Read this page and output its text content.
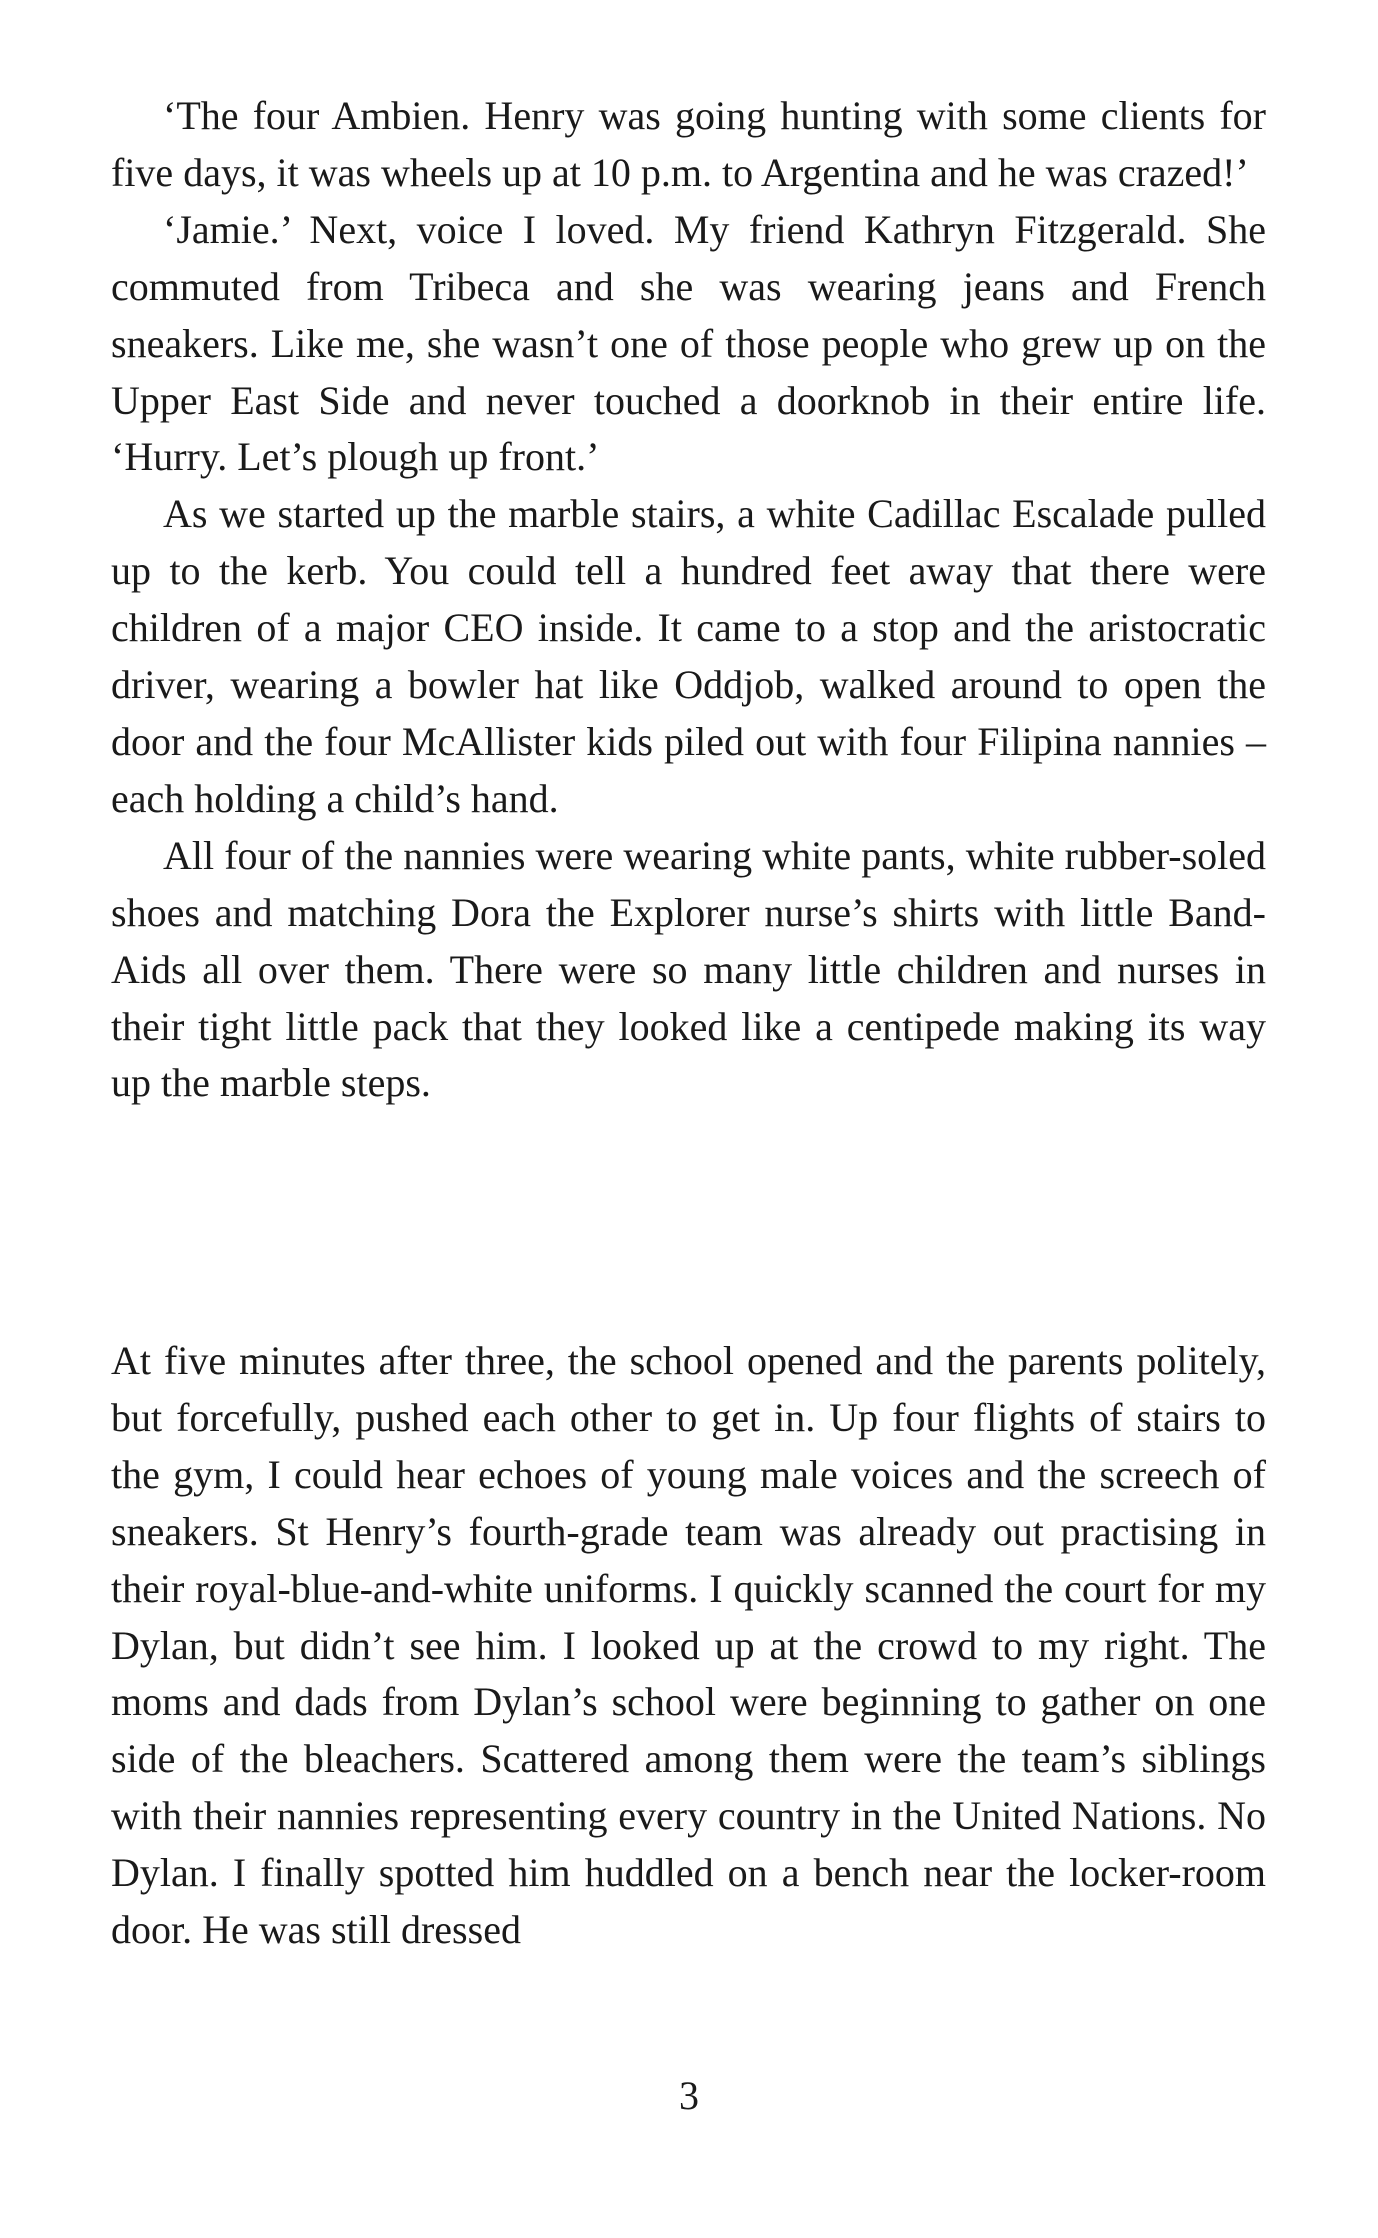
‘The four Ambien. Henry was going hunting with some clients for five days, it was wheels up at 10 p.m. to Argentina and he was crazed!’

‘Jamie.’ Next, voice I loved. My friend Kathryn Fitzgerald. She commuted from Tribeca and she was wearing jeans and French sneakers. Like me, she wasn’t one of those people who grew up on the Upper East Side and never touched a doorknob in their entire life. ‘Hurry. Let’s plough up front.’

As we started up the marble stairs, a white Cadillac Escalade pulled up to the kerb. You could tell a hundred feet away that there were children of a major CEO inside. It came to a stop and the aristocratic driver, wearing a bowler hat like Oddjob, walked around to open the door and the four McAllister kids piled out with four Filipina nannies – each holding a child’s hand.

All four of the nannies were wearing white pants, white rubber-soled shoes and matching Dora the Explorer nurse’s shirts with little Band-Aids all over them. There were so many little children and nurses in their tight little pack that they looked like a centipede making its way up the marble steps.

At five minutes after three, the school opened and the parents politely, but forcefully, pushed each other to get in. Up four flights of stairs to the gym, I could hear echoes of young male voices and the screech of sneakers. St Henry’s fourth-grade team was already out practising in their royal-blue-and-white uniforms. I quickly scanned the court for my Dylan, but didn’t see him. I looked up at the crowd to my right. The moms and dads from Dylan’s school were beginning to gather on one side of the bleachers. Scattered among them were the team’s siblings with their nannies representing every country in the United Nations. No Dylan. I finally spotted him huddled on a bench near the locker-room door. He was still dressed

3
